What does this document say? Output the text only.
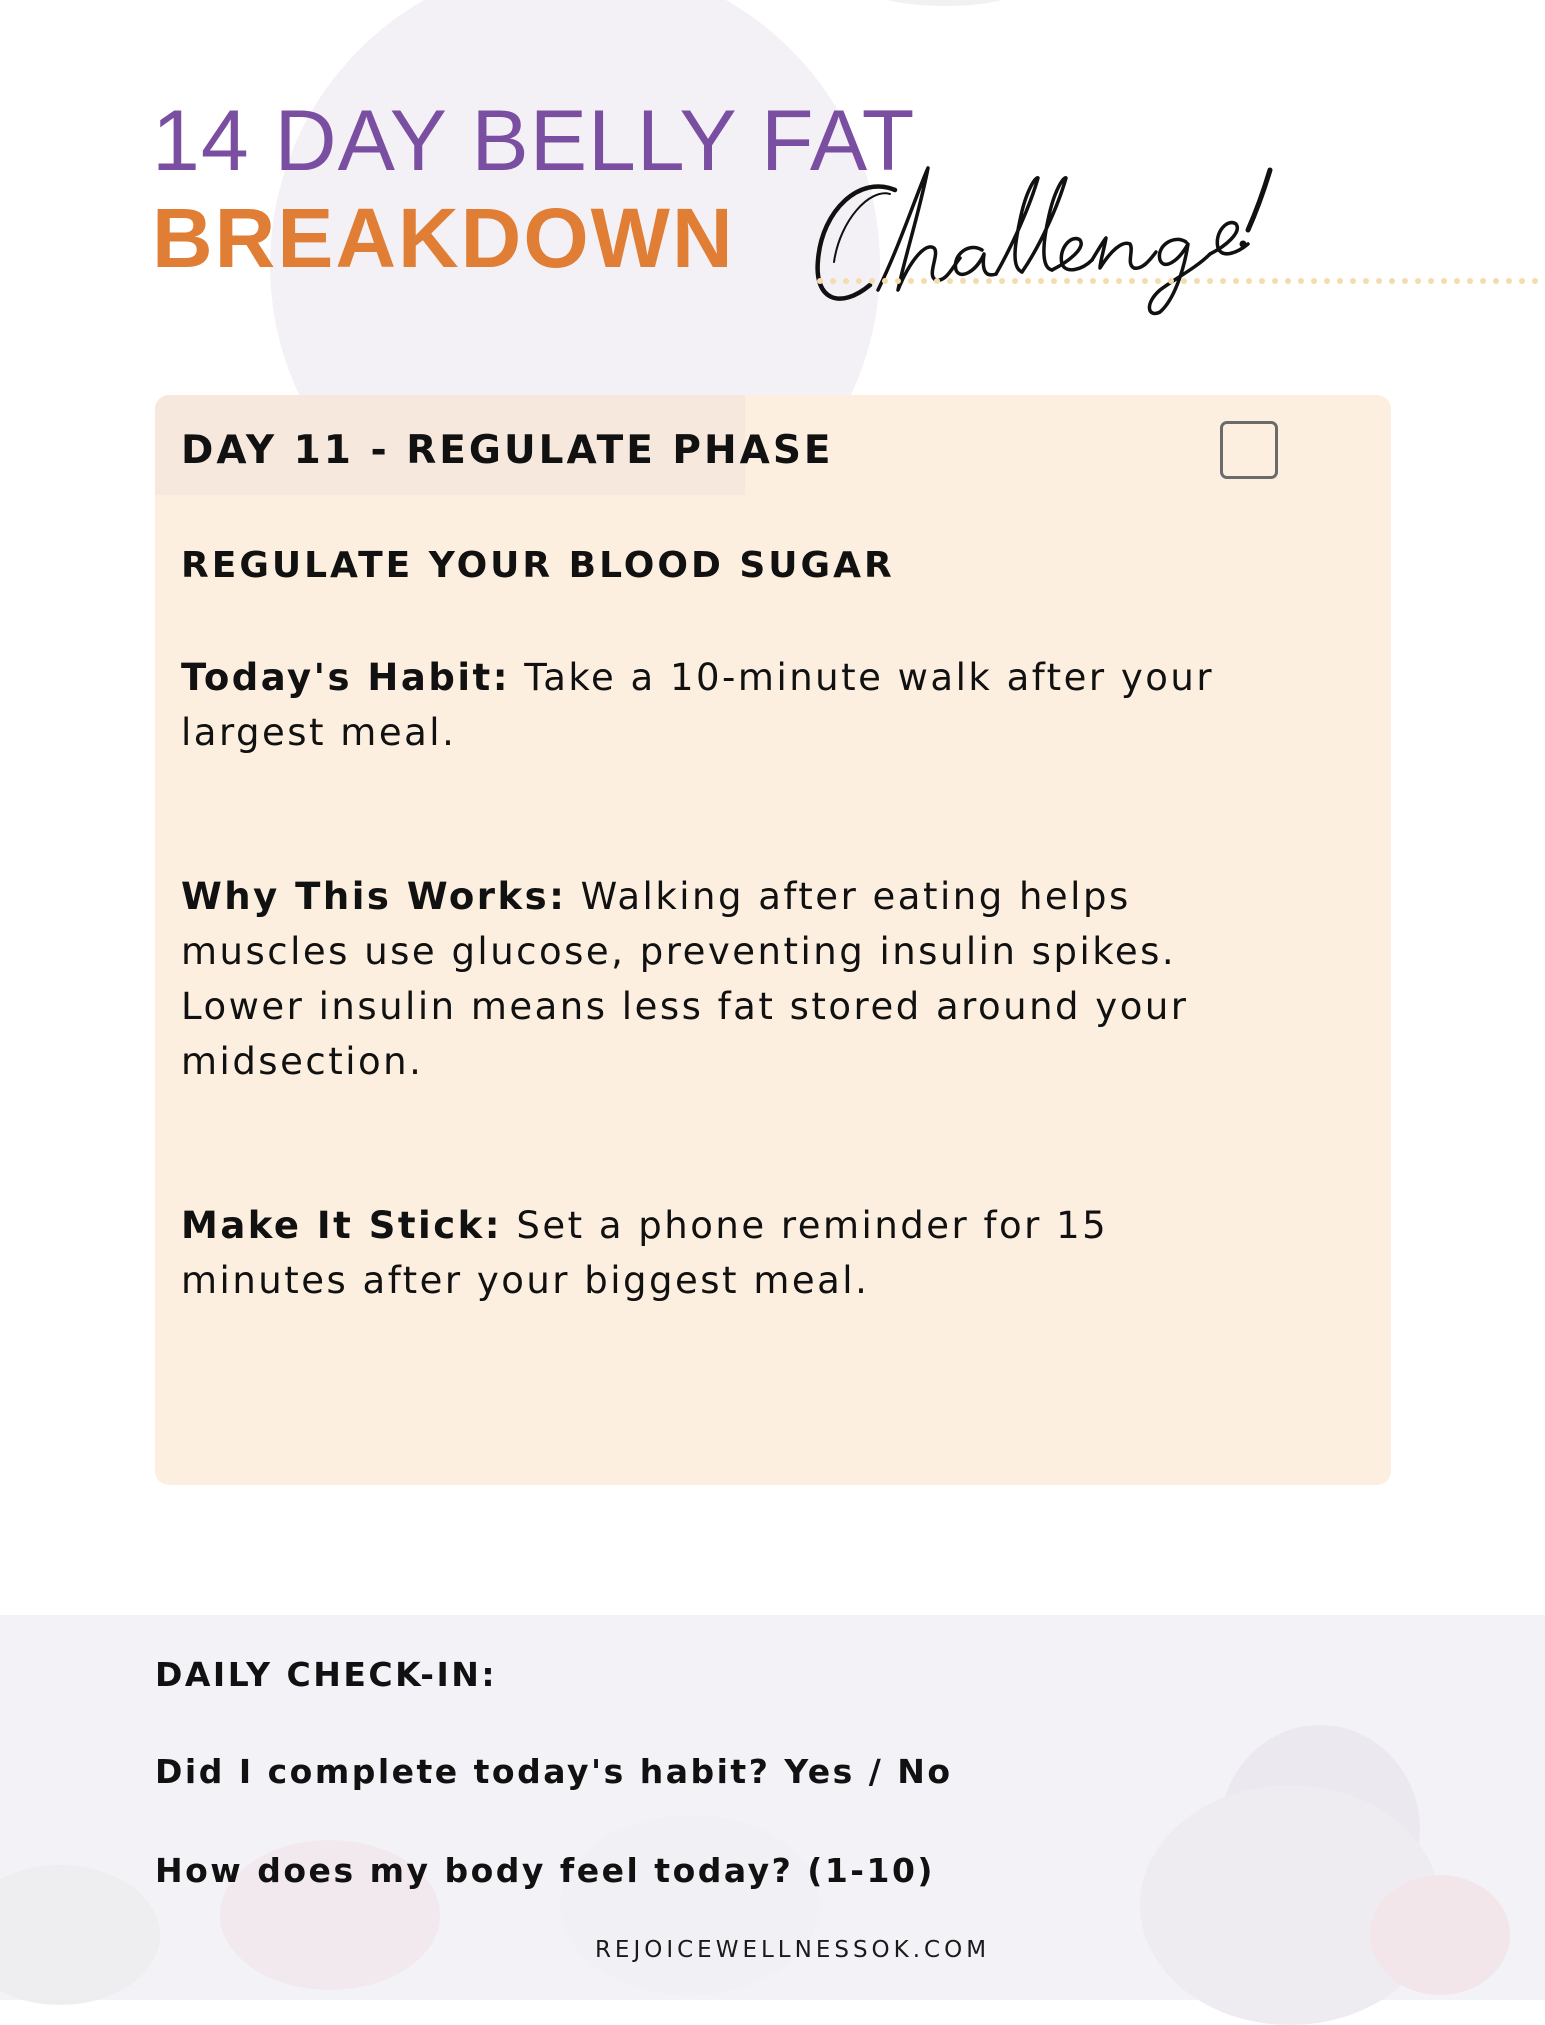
14 DAY BELLY FAT
BREAKDOWN
DAY 11 - REGULATE PHASE
REGULATE YOUR BLOOD SUGAR

Today's Habit: Take a 10-minute walk after your largest meal.

Why This Works: Walking after eating helps muscles use glucose, preventing insulin spikes. Lower insulin means less fat stored around your midsection.

Make It Stick: Set a phone reminder for 15 minutes after your biggest meal.

DAILY CHECK-IN:

Did I complete today's habit? Yes / No

How does my body feel today? (1-10)

REJOICEWELLNESSOK.COM
